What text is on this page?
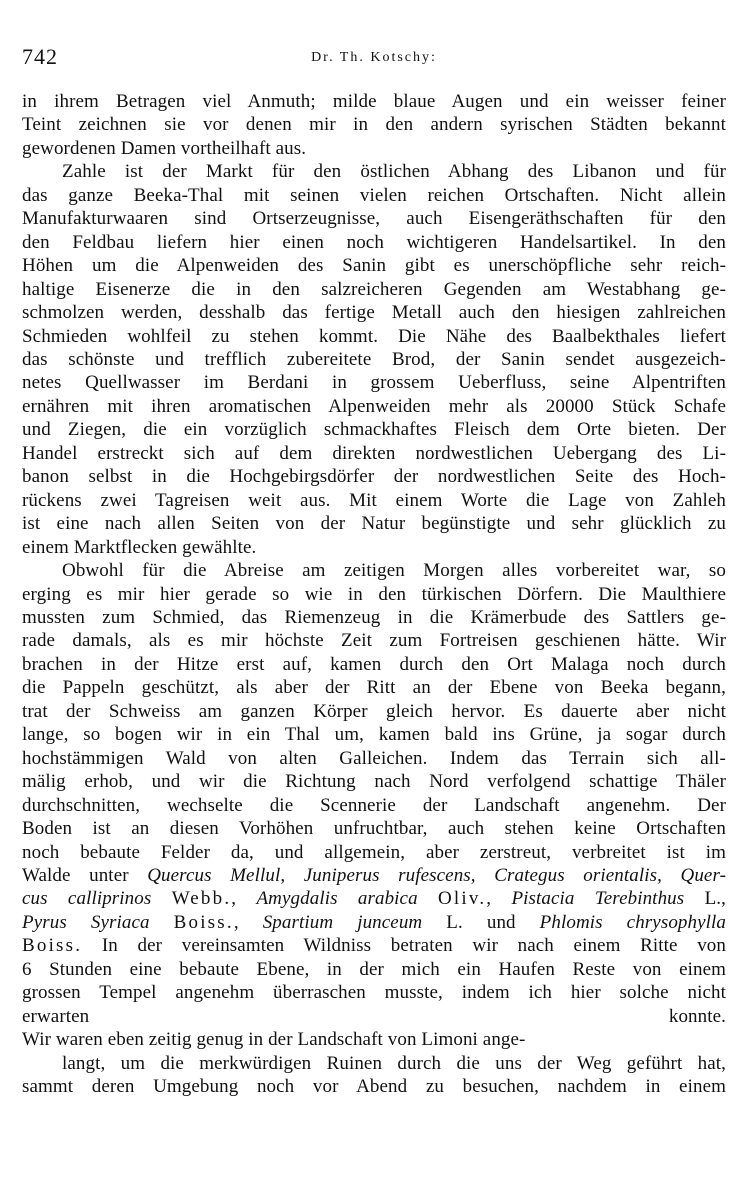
742	Dr. Th. Kotschy:
in ihrem Betragen viel Anmuth; milde blaue Augen und ein weisser feiner
Teint zeichnen sie vor denen mir in den andern syrischen Städten bekannt
gewordenen Damen vortheilhaft aus.
Zahle ist der Markt für den östlichen Abhang des Libanon und für
das ganze Beeka-Thal mit seinen vielen reichen Ortschaften. Nicht allein
Manufakturwaaren sind Ortserzeugnisse, auch Eisengeräthschaften für den
den Feldbau liefern hier einen noch wichtigeren Handelsartikel. In den
Höhen um die Alpenweiden des Sanin gibt es unerschöpfliche sehr reich-
haltige Eisenerze die in den salzreicheren Gegenden am Westabhang ge-
schmolzen werden, desshalb das fertige Metall auch den hiesigen zahlreichen
Schmieden wohlfeil zu stehen kommt. Die Nähe des Baalbekthales liefert
das schönste und trefflich zubereitete Brod, der Sanin sendet ausgezeich-
netes Quellwasser im Berdani in grossem Ueberfluss, seine Alpentriften
ernähren mit ihren aromatischen Alpenweiden mehr als 20000 Stück Schafe
und Ziegen, die ein vorzüglich schmackhaftes Fleisch dem Orte bieten. Der
Handel erstreckt sich auf dem direkten nordwestlichen Uebergang des Li-
banon selbst in die Hochgebirgsdörfer der nordwestlichen Seite des Hoch-
rückens zwei Tagreisen weit aus. Mit einem Worte die Lage von Zahleh
ist eine nach allen Seiten von der Natur begünstigte und sehr glücklich zu
einem Marktflecken gewählte.
Obwohl für die Abreise am zeitigen Morgen alles vorbereitet war, so
erging es mir hier gerade so wie in den türkischen Dörfern. Die Maulthiere
mussten zum Schmied, das Riemenzeug in die Krämerbude des Sattlers ge-
rade damals, als es mir höchste Zeit zum Fortreisen geschienen hätte. Wir
brachen in der Hitze erst auf, kamen durch den Ort Malaga noch durch
die Pappeln geschützt, als aber der Ritt an der Ebene von Beeka begann,
trat der Schweiss am ganzen Körper gleich hervor. Es dauerte aber nicht
lange, so bogen wir in ein Thal um, kamen bald ins Grüne, ja sogar durch
hochstämmigen Wald von alten Galleichen. Indem das Terrain sich all-
mälig erhob, und wir die Richtung nach Nord verfolgend schattige Thäler
durchschnitten, wechselte die Scennerie der Landschaft angenehm. Der
Boden ist an diesen Vorhöhen unfruchtbar, auch stehen keine Ortschaften
noch bebaute Felder da, und allgemein, aber zerstreut, verbreitet ist im
Walde unter Quercus Mellul, Juniperus rufescens, Crategus orientalis, Quer-
cus calliprinos Webb., Amygdalis arabica Oliv., Pistacia Terebinthus L.,
Pyrus Syriaca Boiss., Spartium junceum L. und Phlomis chrysophylla
Boiss. In der vereinsamten Wildniss betraten wir nach einem Ritte von
6 Stunden eine bebaute Ebene, in der mich ein Haufen Reste von einem
grossen Tempel angenehm überraschen musste, indem ich hier solche nicht
erwarten konnte.
Wir waren eben zeitig genug in der Landschaft von Limoni ange-
langt, um die merkwürdigen Ruinen durch die uns der Weg geführt hat,
sammt deren Umgebung noch vor Abend zu besuchen, nachdem in einem
